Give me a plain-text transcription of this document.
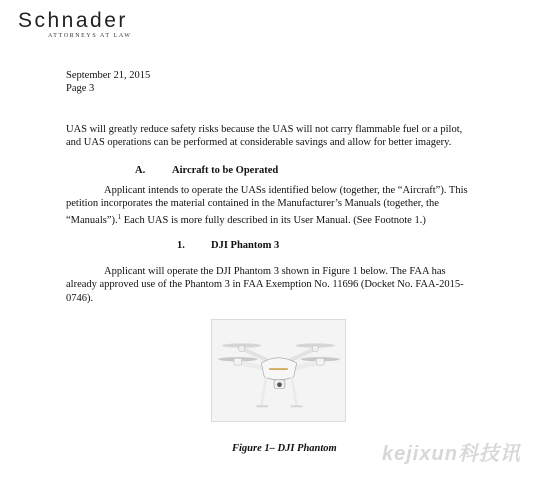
Schnader
ATTORNEYS AT LAW
September 21, 2015
Page 3
UAS will greatly reduce safety risks because the UAS will not carry flammable fuel or a pilot,
and UAS operations can be performed at considerable savings and allow for better imagery.
A.	Aircraft to be Operated
Applicant intends to operate the UASs identified below (together, the “Aircraft”). This
petition incorporates the material contained in the Manufacturer’s Manuals (together, the
“Manuals”).$^1$ Each UAS is more fully described in its User Manual. (See Footnote 1.)
1. DJI Phantom 3
Applicant will operate the DJI Phantom 3 shown in Figure 1 below. The FAA has
already approved use of the Phantom 3 in FAA Exemption No. 11696 (Docket No. FAA-2015-
0746).
Figure 1– DJI Phantom kejixun科技讯
